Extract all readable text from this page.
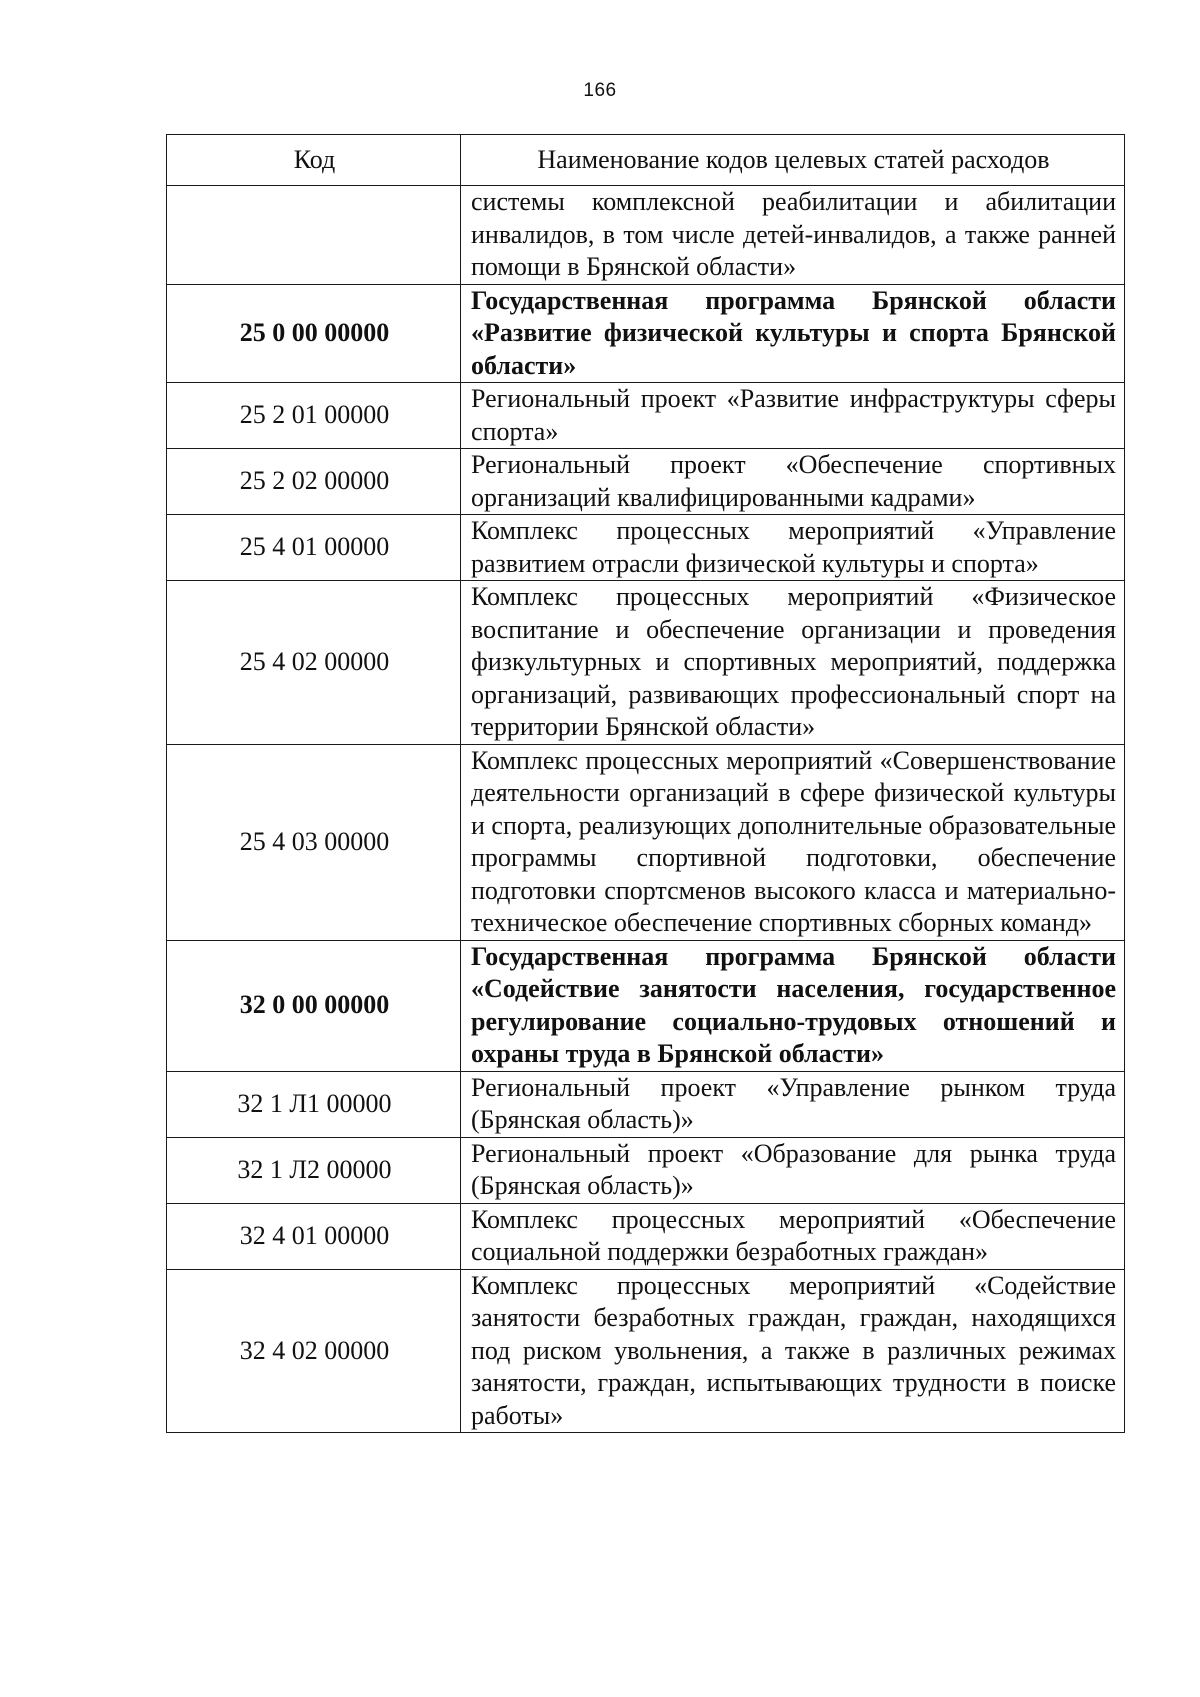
166
Код	Наименование кодов целевых статей расходов
	системы комплексной реабилитации и абилитации инвалидов, в том числе детей-инвалидов, а также ранней помощи в Брянской области»
25 0 00 00000	Государственная программа Брянской области «Развитие физической культуры и спорта Брянской области»
25 2 01 00000	Региональный проект «Развитие инфраструктуры сферы спорта»
25 2 02 00000	Региональный проект «Обеспечение спортивных организаций квалифицированными кадрами»
25 4 01 00000	Комплекс процессных мероприятий «Управление развитием отрасли физической культуры и спорта»
25 4 02 00000	Комплекс процессных мероприятий «Физическое воспитание и обеспечение организации и проведения физкультурных и спортивных мероприятий, поддержка организаций, развивающих профессиональный спорт на территории Брянской области»
25 4 03 00000	Комплекс процессных мероприятий «Совершенствование деятельности организаций в сфере физической культуры и спорта, реализующих дополнительные образовательные программы спортивной подготовки, обеспечение подготовки спортсменов высокого класса и материально-техническое обеспечение спортивных сборных команд»
32 0 00 00000	Государственная программа Брянской области «Содействие занятости населения, государственное регулирование социально-трудовых отношений и охраны труда в Брянской области»
32 1 Л1 00000	Региональный проект «Управление рынком труда (Брянская область)»
32 1 Л2 00000	Региональный проект «Образование для рынка труда (Брянская область)»
32 4 01 00000	Комплекс процессных мероприятий «Обеспечение социальной поддержки безработных граждан»
32 4 02 00000	Комплекс процессных мероприятий «Содействие занятости безработных граждан, граждан, находящихся под риском увольнения, а также в различных режимах занятости, граждан, испытывающих трудности в поиске работы»
